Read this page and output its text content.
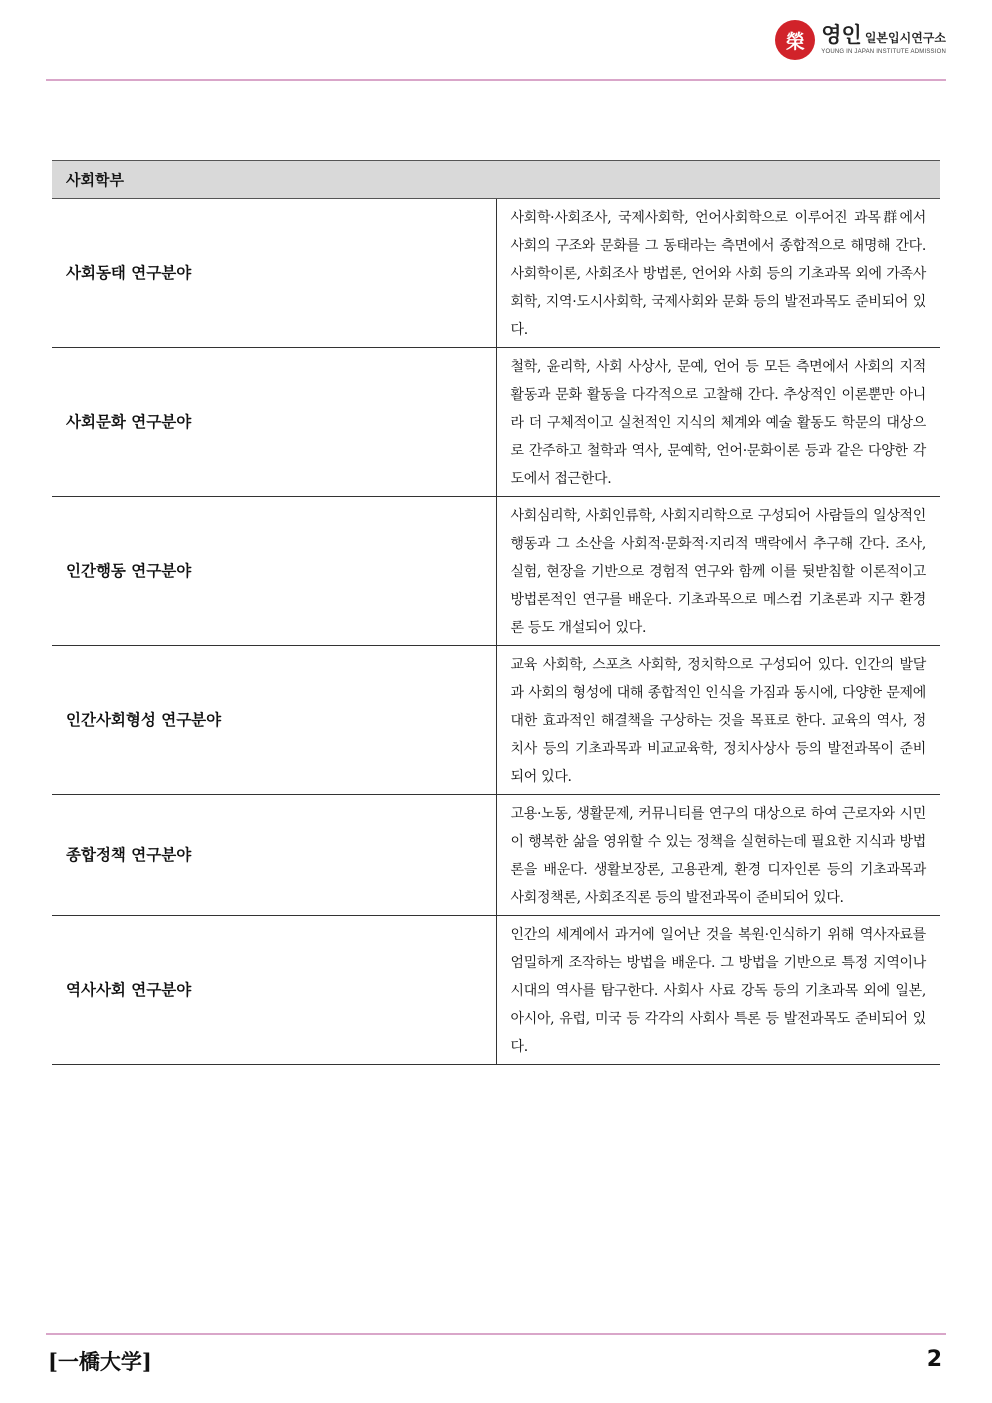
榮 영인 일본입시연구소
YOUNG IN JAPAN INSTITUTE ADMISSION
사회학부	
사회동태 연구분야	사회학·사회조사, 국제사회학, 언어사회학으로 이루어진 과목群에서 사회의 구조와 문화를 그 동태라는 측면에서 종합적으로 해명해 간다. 사회학이론, 사회조사 방법론, 언어와 사회 등의 기초과목 외에 가족사회학, 지역·도시사회학, 국제사회와 문화 등의 발전과목도 준비되어 있다.
사회문화 연구분야	철학, 윤리학, 사회 사상사, 문예, 언어 등 모든 측면에서 사회의 지적 활동과 문화 활동을 다각적으로 고찰해 간다. 추상적인 이론뿐만 아니라 더 구체적이고 실천적인 지식의 체계와 예술 활동도 학문의 대상으로 간주하고 철학과 역사, 문예학, 언어·문화이론 등과 같은 다양한 각도에서 접근한다.
인간행동 연구분야	사회심리학, 사회인류학, 사회지리학으로 구성되어 사람들의 일상적인 행동과 그 소산을 사회적·문화적·지리적 맥락에서 추구해 간다. 조사, 실험, 현장을 기반으로 경험적 연구와 함께 이를 뒷받침할 이론적이고 방법론적인 연구를 배운다. 기초과목으로 메스컴 기초론과 지구 환경론 등도 개설되어 있다.
인간사회형성 연구분야	교육 사회학, 스포츠 사회학, 정치학으로 구성되어 있다. 인간의 발달과 사회의 형성에 대해 종합적인 인식을 가짐과 동시에, 다양한 문제에 대한 효과적인 해결책을 구상하는 것을 목표로 한다. 교육의 역사, 정치사 등의 기초과목과 비교교육학, 정치사상사 등의 발전과목이 준비되어 있다.
종합정책 연구분야	고용·노동, 생활문제, 커뮤니티를 연구의 대상으로 하여 근로자와 시민이 행복한 삶을 영위할 수 있는 정책을 실현하는데 필요한 지식과 방법론을 배운다. 생활보장론, 고용관계, 환경 디자인론 등의 기초과목과 사회정책론, 사회조직론 등의 발전과목이 준비되어 있다.
역사사회 연구분야	인간의 세계에서 과거에 일어난 것을 복원·인식하기 위해 역사자료를 엄밀하게 조작하는 방법을 배운다. 그 방법을 기반으로 특정 지역이나 시대의 역사를 탐구한다. 사회사 사료 강독 등의 기초과목 외에 일본, 아시아, 유럽, 미국 등 각각의 사회사 특론 등 발전과목도 준비되어 있다.
[一橋大学]	2
